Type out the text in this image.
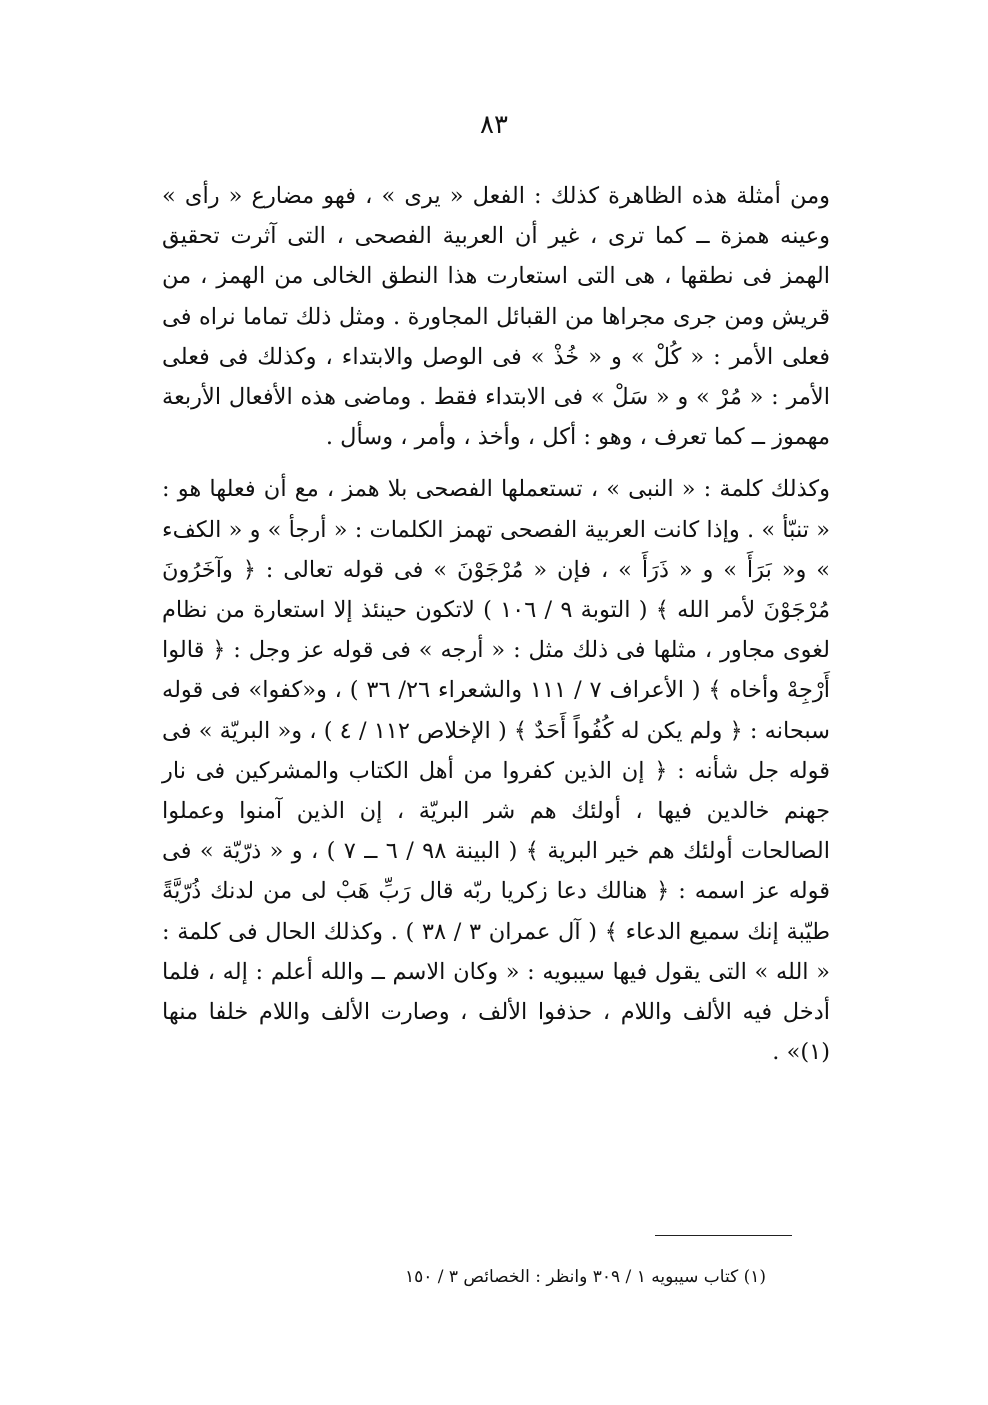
٨٣

ومن أمثلة هذه الظاهرة كذلك : الفعل « يرى » ، فهو مضارع « رأى » وعينه همزة ــ كما ترى ، غير أن العربية الفصحى ، التى آثرت تحقيق الهمز فى نطقها ، هى التى استعارت هذا النطق الخالى من الهمز ، من قريش ومن جرى مجراها من القبائل المجاورة . ومثل ذلك تماما نراه فى فعلى الأمر : « كُلْ » و « خُذْ » فى الوصل والابتداء ، وكذلك فى فعلى الأمر : « مُرْ » و « سَلْ » فى الابتداء فقط . وماضى هذه الأفعال الأربعة مهموز ــ كما تعرف ، وهو : أكل ، وأخذ ، وأمر ، وسأل .

وكذلك كلمة : « النبى » ، تستعملها الفصحى بلا همز ، مع أن فعلها هو : « تنبّأ » . وإذا كانت العربية الفصحى تهمز الكلمات : « أرجأ » و « الكفء » و« بَرَأَ » و « ذَرَأَ » ، فإن « مُرْجَوْنَ » فى قوله تعالى : ﴿ وآخَرُونَ مُرْجَوْنَ لأمر الله ﴾ ( التوبة ٩ / ١٠٦ ) لاتكون حينئذ إلا استعارة من نظام لغوى مجاور ، مثلها فى ذلك مثل : « أرجه » فى قوله عز وجل : ﴿ قالوا أَرْجِهْ وأخاه ﴾ ( الأعراف ٧ / ١١١ والشعراء ٢٦/ ٣٦ ) ، و«كفوا» فى قوله سبحانه : ﴿ ولم يكن له كُفُواً أَحَدٌ ﴾ ( الإخلاص ١١٢ / ٤ ) ، و« البريّة » فى قوله جل شأنه : ﴿ إن الذين كفروا من أهل الكتاب والمشركين فى نار جهنم خالدين فيها ، أولئك هم شر البريّة ، إن الذين آمنوا وعملوا الصالحات أولئك هم خير البرية ﴾ ( البينة ٩٨ / ٦ ــ ٧ ) ، و « ذرّيّة » فى قوله عز اسمه : ﴿ هنالك دعا زكريا ربّه قال رَبِّ هَبْ لى من لدنك ذُرّيَّةً طيّبة إنك سميع الدعاء ﴾ ( آل عمران ٣ / ٣٨ ) . وكذلك الحال فى كلمة : « الله » التى يقول فيها سيبويه : « وكان الاسم ــ والله أعلم : إله ، فلما أدخل فيه الألف واللام ، حذفوا الألف ، وصارت الألف واللام خلفا منها (١)» .

(١) كتاب سيبويه ١ / ٣٠٩ وانظر : الخصائص ٣ / ١٥٠
